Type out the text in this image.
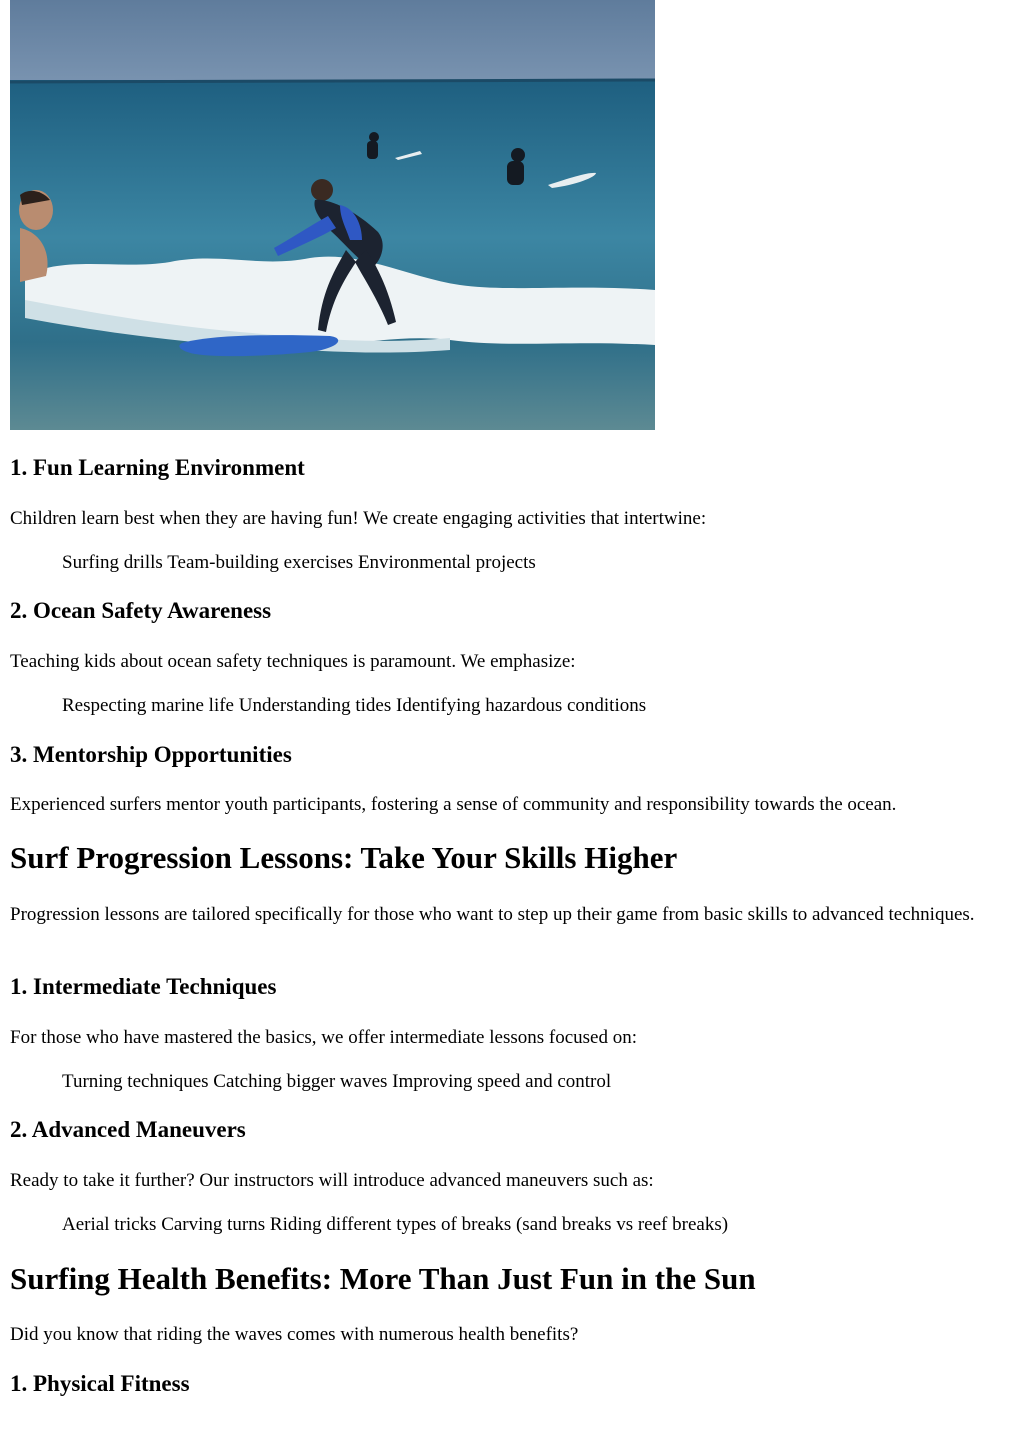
1. Fun Learning Environment

Children learn best when they are having fun! We create engaging activities that intertwine:

Surfing drills Team-building exercises Environmental projects
2. Ocean Safety Awareness

Teaching kids about ocean safety techniques is paramount. We emphasize:

Respecting marine life Understanding tides Identifying hazardous conditions
3. Mentorship Opportunities

Experienced surfers mentor youth participants, fostering a sense of community and responsibility towards the ocean.

Surf Progression Lessons: Take Your Skills Higher

Progression lessons are tailored specifically for those who want to step up their game from basic skills to advanced techniques.

1. Intermediate Techniques

For those who have mastered the basics, we offer intermediate lessons focused on:

Turning techniques Catching bigger waves Improving speed and control
2. Advanced Maneuvers

Ready to take it further? Our instructors will introduce advanced maneuvers such as:

Aerial tricks Carving turns Riding different types of breaks (sand breaks vs reef breaks)
Surfing Health Benefits: More Than Just Fun in the Sun

Did you know that riding the waves comes with numerous health benefits?

1. Physical Fitness
